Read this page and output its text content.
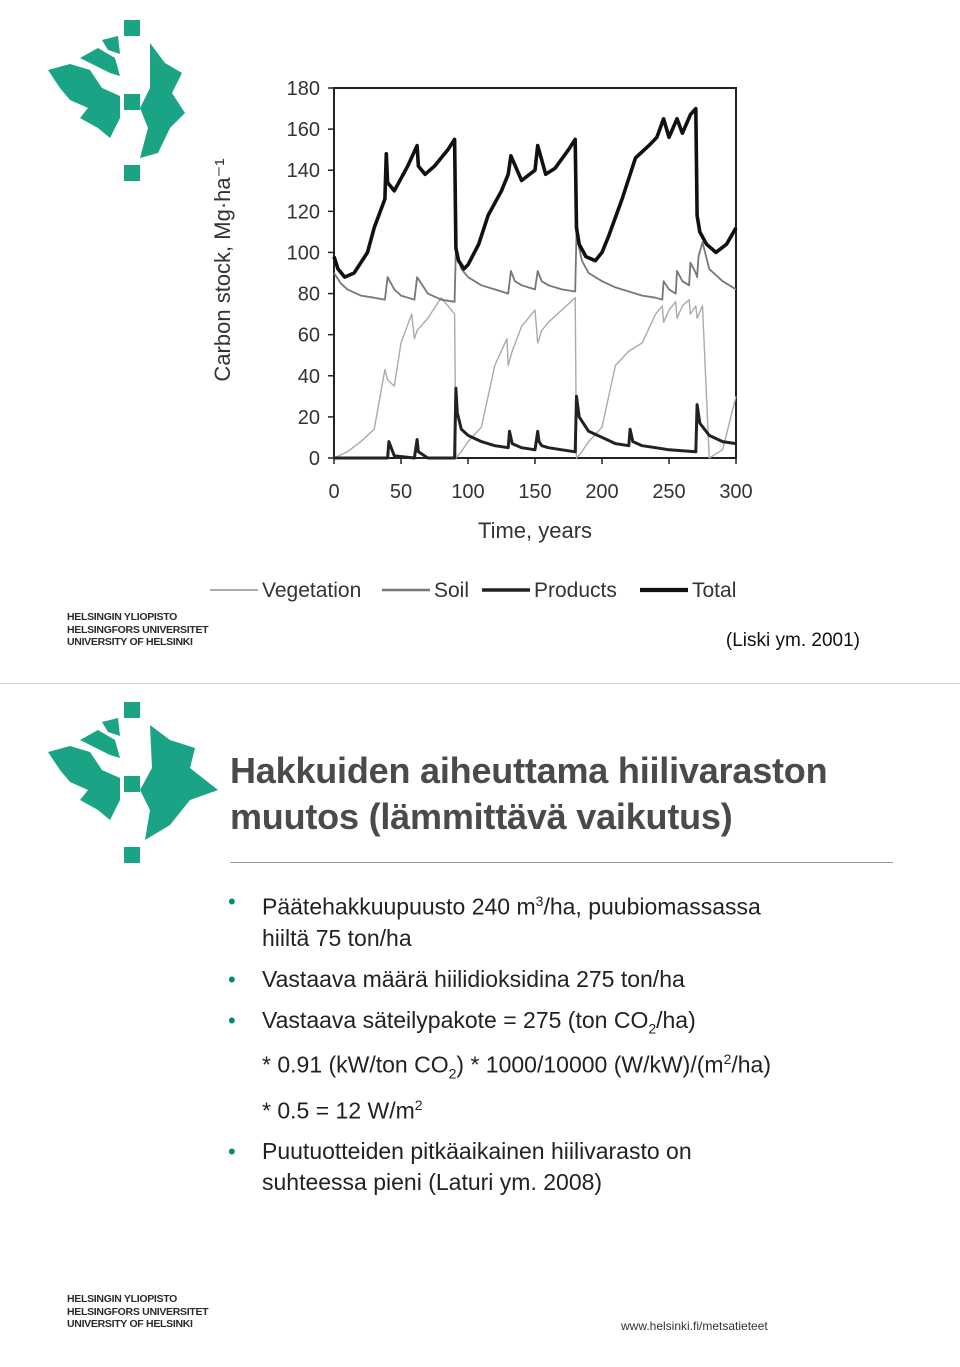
0
20
40
60
80
100
120
140
160
180
0	50 100 150 200 250 300
Time, years
Carbon stock, Mg·ha⁻¹
Vegetation	Soil	Products	Total
HELSINGIN YLIOPISTO
HELSINGFORS UNIVERSITET
UNIVERSITY OF HELSINKI	(Liski ym. 2001)
Hakkuiden aiheuttama hiilivaraston
muutos (lämmittävä vaikutus)
• Päätehakkuupuusto 240 $m^3/ha$, puubiomassassa
hiiltä 75 ton/ha
• Vastaava määrä hiilidioksidina 275 ton/ha
• Vastaava säteilypakote = 275 (ton $CO_2/ha$)
* 0.91 (kW/ton $CO_2) * 1000/10000$ $(W/kW)/(m^2/ha)$
* 0.5 = 12 $W/m^2$
• Puutuotteiden pitkäaikainen hiilivarasto on
suhteessa pieni (Laturi ym. 2008)
HELSINGIN YLIOPISTO
HELSINGFORS UNIVERSITET
UNIVERSITY OF HELSINKI	www.helsinki.fi/metsatieteet
